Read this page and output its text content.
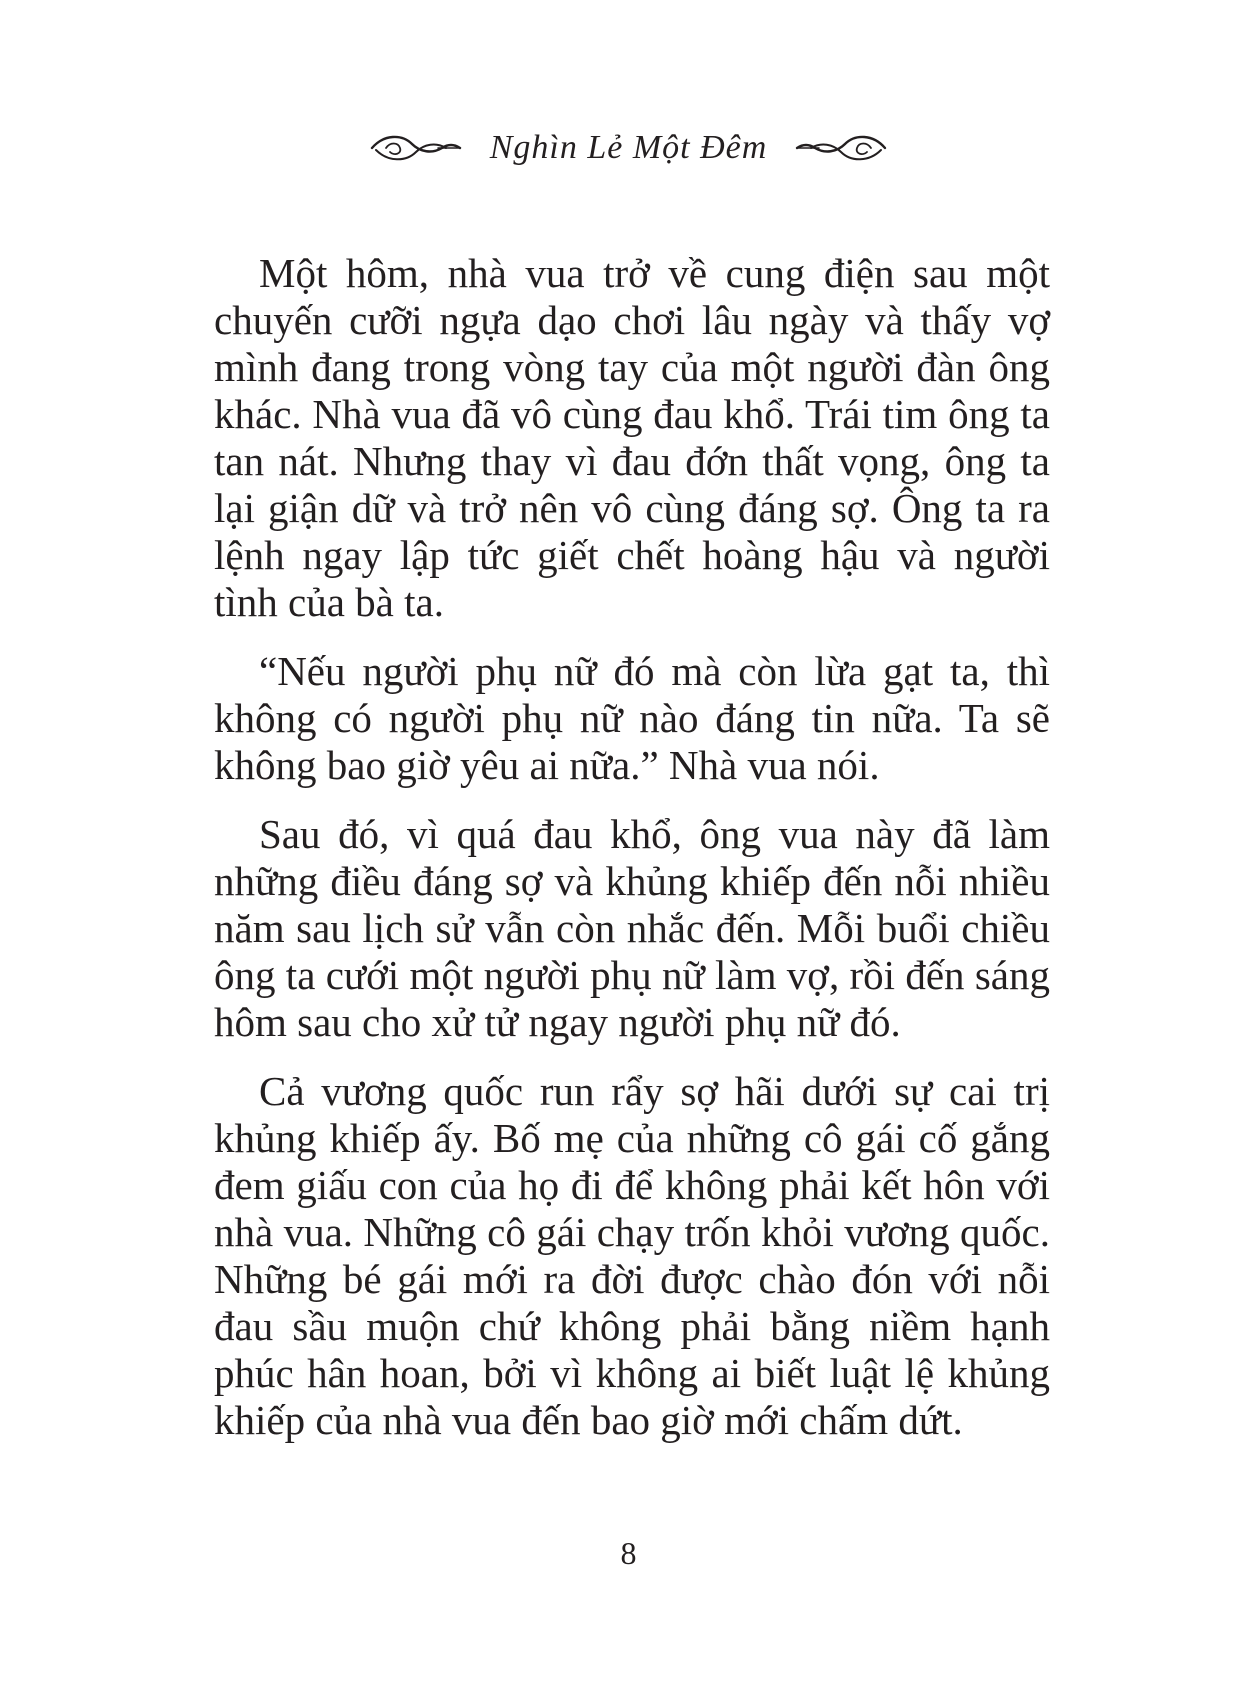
Nghìn Lẻ Một Đêm

Một hôm, nhà vua trở về cung điện sau một chuyến cưỡi ngựa dạo chơi lâu ngày và thấy vợ mình đang trong vòng tay của một người đàn ông khác. Nhà vua đã vô cùng đau khổ. Trái tim ông ta tan nát. Nhưng thay vì đau đớn thất vọng, ông ta lại giận dữ và trở nên vô cùng đáng sợ. Ông ta ra lệnh ngay lập tức giết chết hoàng hậu và người tình của bà ta.

“Nếu người phụ nữ đó mà còn lừa gạt ta, thì không có người phụ nữ nào đáng tin nữa. Ta sẽ không bao giờ yêu ai nữa.” Nhà vua nói.

Sau đó, vì quá đau khổ, ông vua này đã làm những điều đáng sợ và khủng khiếp đến nỗi nhiều năm sau lịch sử vẫn còn nhắc đến. Mỗi buổi chiều ông ta cưới một người phụ nữ làm vợ, rồi đến sáng hôm sau cho xử tử ngay người phụ nữ đó.

Cả vương quốc run rẩy sợ hãi dưới sự cai trị khủng khiếp ấy. Bố mẹ của những cô gái cố gắng đem giấu con của họ đi để không phải kết hôn với nhà vua. Những cô gái chạy trốn khỏi vương quốc. Những bé gái mới ra đời được chào đón với nỗi đau sầu muộn chứ không phải bằng niềm hạnh phúc hân hoan, bởi vì không ai biết luật lệ khủng khiếp của nhà vua đến bao giờ mới chấm dứt.

8
